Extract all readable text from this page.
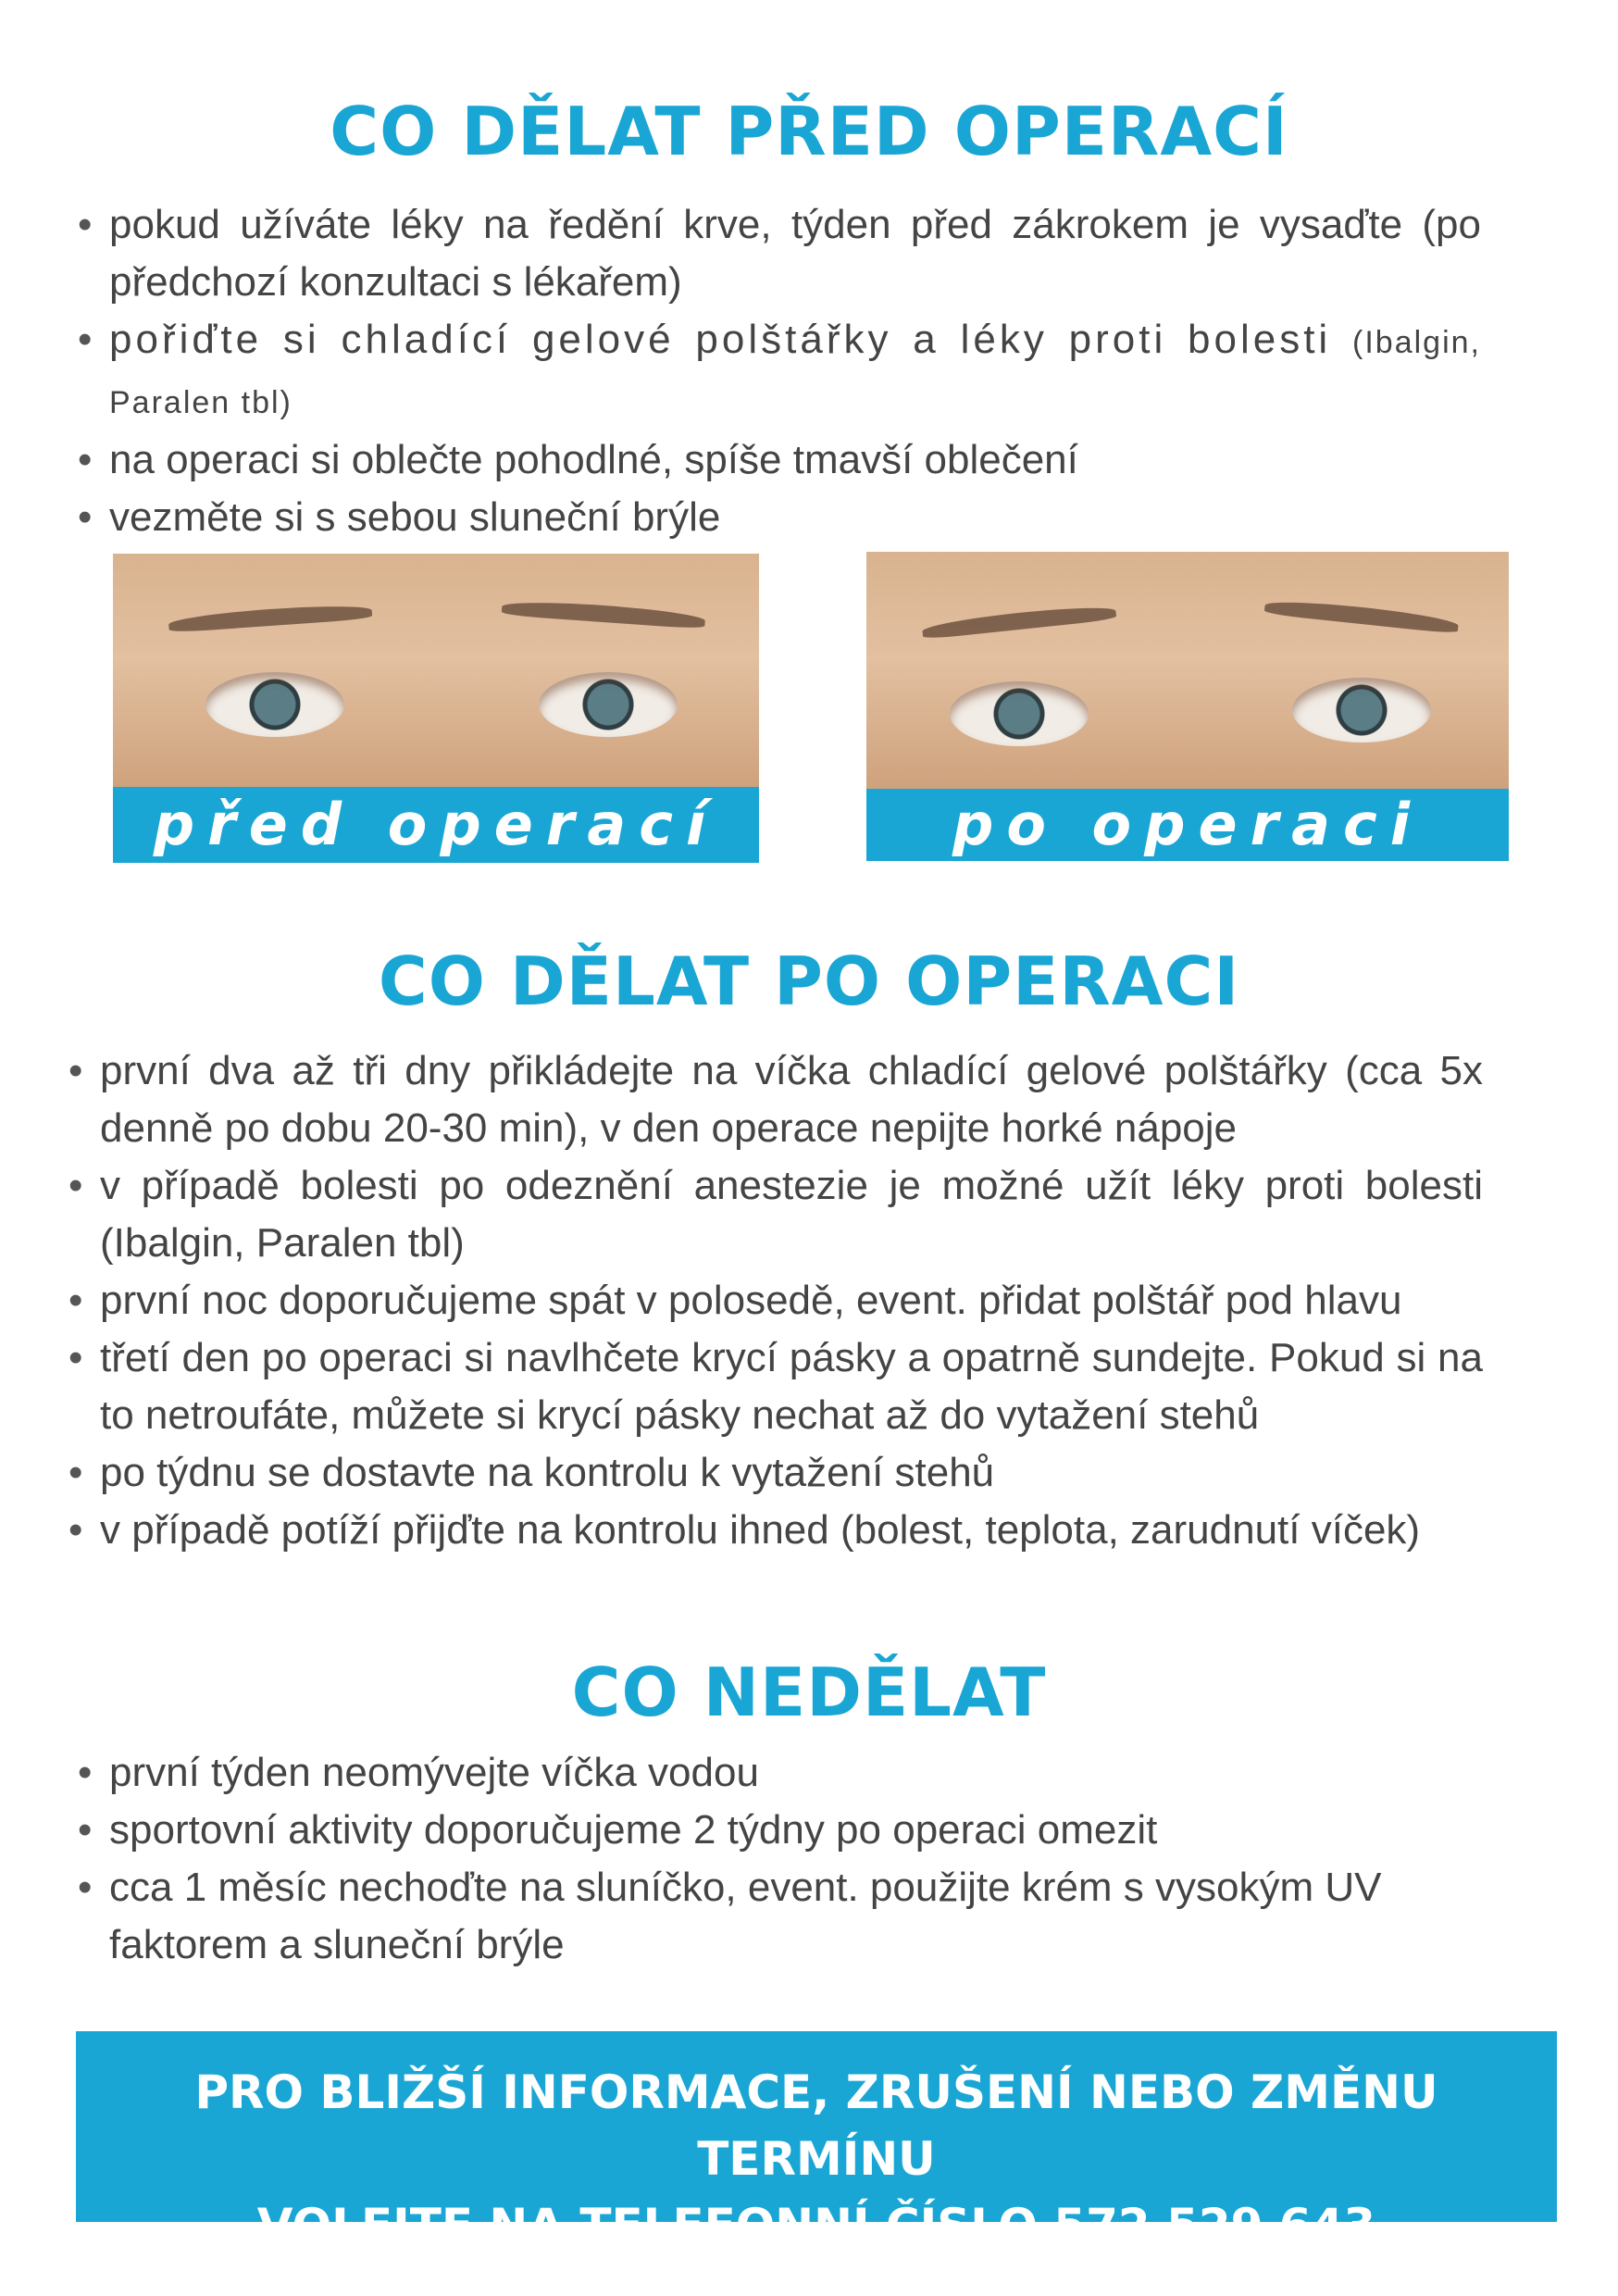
CO DĚLAT PŘED OPERACÍ
• pokud užíváte léky na ředění krve, týden před zákrokem je vysaďte (po předchozí konzultaci s lékařem)
• pořiďte si chladící gelové polštářky a léky proti bolesti (Ibalgin, Paralen tbl)
• na operaci si oblečte pohodlné, spíše tmavší oblečení
• vezměte si s sebou sluneční brýle
před operací	po operaci
CO DĚLAT PO OPERACI
• první dva až tři dny přikládejte na víčka chladící gelové polštářky (cca 5x denně po dobu 20-30 min), v den operace nepijte horké nápoje
• v případě bolesti po odeznění anestezie je možné užít léky proti bolesti (Ibalgin, Paralen tbl)
• první noc doporučujeme spát v polosedě, event. přidat polštář pod hlavu
• třetí den po operaci si navlhčete krycí pásky a opatrně sundejte. Pokud si na to netroufáte, můžete si krycí pásky nechat až do vytažení stehů
• po týdnu se dostavte na kontrolu k vytažení stehů
• v případě potíží přijďte na kontrolu ihned (bolest, teplota, zarudnutí víček)
CO NEDĚLAT
• první týden neomývejte víčka vodou
• sportovní aktivity doporučujeme 2 týdny po operaci omezit
• cca 1 měsíc nechoďte na sluníčko, event. použijte krém s vysokým UV faktorem a sluneční brýle
PRO BLIŽŠÍ INFORMACE, ZRUŠENÍ NEBO ZMĚNU TERMÍNU
VOLEJTE NA TELEFONNÍ ČÍSLO 572 529 643
